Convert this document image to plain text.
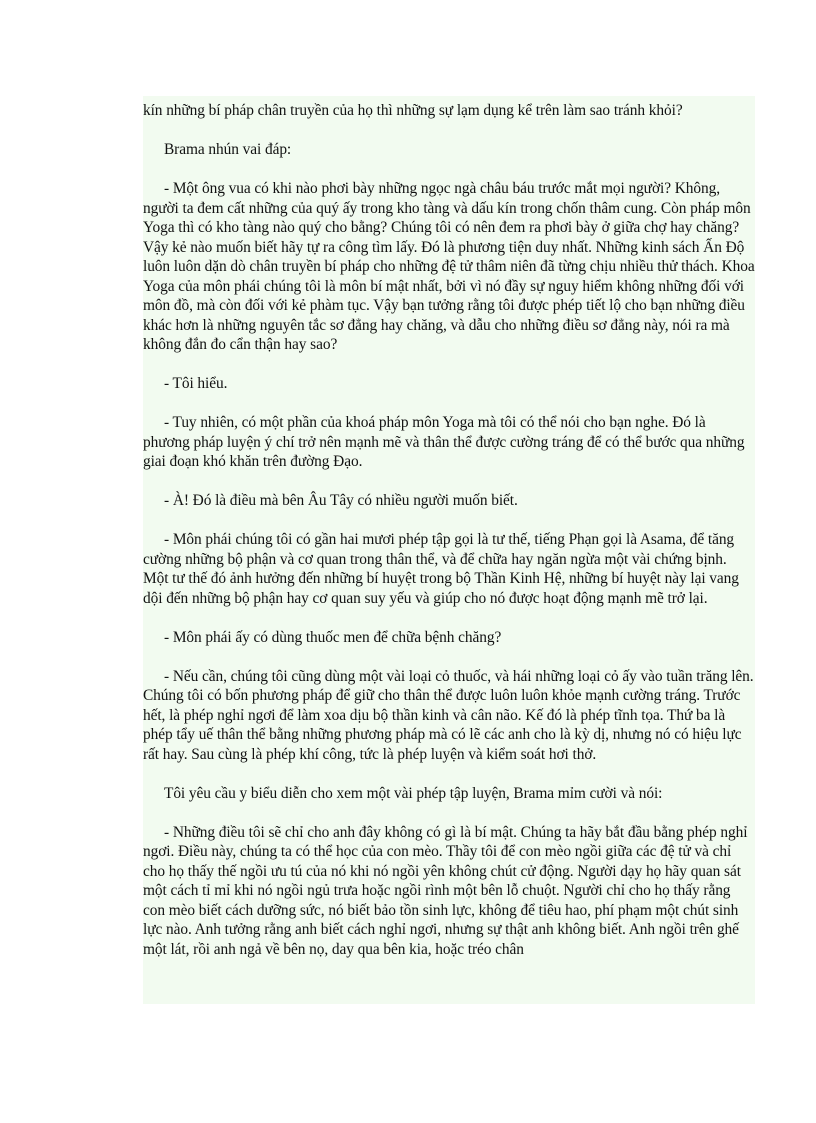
kín những bí pháp chân truyền của họ thì những sự lạm dụng kể trên làm sao tránh khỏi?

Brama nhún vai đáp:

- Một ông vua có khi nào phơi bày những ngọc ngà châu báu trước mắt mọi người? Không, người ta đem cất những của quý ấy trong kho tàng và dấu kín trong chốn thâm cung. Còn pháp môn Yoga thì có kho tàng nào quý cho bằng? Chúng tôi có nên đem ra phơi bày ở giữa chợ hay chăng? Vậy kẻ nào muốn biết hãy tự ra công tìm lấy. Đó là phương tiện duy nhất. Những kinh sách Ấn Độ luôn luôn dặn dò chân truyền bí pháp cho những đệ tử thâm niên đã từng chịu nhiều thử thách. Khoa Yoga của môn phái chúng tôi là môn bí mật nhất, bởi vì nó đầy sự nguy hiểm không những đối với môn đồ, mà còn đối với kẻ phàm tục. Vậy bạn tưởng rằng tôi được phép tiết lộ cho bạn những điều khác hơn là những nguyên tắc sơ đẳng hay chăng, và dẫu cho những điều sơ đẳng này, nói ra mà không đắn đo cẩn thận hay sao?

- Tôi hiểu.

- Tuy nhiên, có một phần của khoá pháp môn Yoga mà tôi có thể nói cho bạn nghe. Đó là phương pháp luyện ý chí trở nên mạnh mẽ và thân thể được cường tráng để có thể bước qua những giai đoạn khó khăn trên đường Đạo.

- À! Đó là điều mà bên Âu Tây có nhiều người muốn biết.

- Môn phái chúng tôi có gần hai mươi phép tập gọi là tư thế, tiếng Phạn gọi là Asama, để tăng cường những bộ phận và cơ quan trong thân thể, và để chữa hay ngăn ngừa một vài chứng bịnh. Một tư thế đó ảnh hưởng đến những bí huyệt trong bộ Thần Kinh Hệ, những bí huyệt này lại vang dội đến những bộ phận hay cơ quan suy yếu và giúp cho nó được hoạt động mạnh mẽ trở lại.

- Môn phái ấy có dùng thuốc men để chữa bệnh chăng?

- Nếu cần, chúng tôi cũng dùng một vài loại cỏ thuốc, và hái những loại cỏ ấy vào tuần trăng lên. Chúng tôi có bốn phương pháp để giữ cho thân thể được luôn luôn khỏe mạnh cường tráng. Trước hết, là phép nghỉ ngơi để làm xoa dịu bộ thần kinh và cân não. Kế đó là phép tĩnh tọa. Thứ ba là phép tẩy uế thân thể bằng những phương pháp mà có lẽ các anh cho là kỳ dị, nhưng nó có hiệu lực rất hay. Sau cùng là phép khí công, tức là phép luyện và kiểm soát hơi thở.

Tôi yêu cầu y biểu diễn cho xem một vài phép tập luyện, Brama mỉm cười và nói:

- Những điều tôi sẽ chỉ cho anh đây không có gì là bí mật. Chúng ta hãy bắt đầu bằng phép nghỉ ngơi. Điều này, chúng ta có thể học của con mèo. Thầy tôi để con mèo ngồi giữa các đệ tử và chỉ cho họ thấy thế ngồi ưu tú của nó khi nó ngồi yên không chút cử động. Người dạy họ hãy quan sát một cách tỉ mỉ khi nó ngồi ngủ trưa hoặc ngồi rình một bên lỗ chuột. Người chỉ cho họ thấy rằng con mèo biết cách dưỡng sức, nó biết bảo tồn sinh lực, không để tiêu hao, phí phạm một chút sinh lực nào. Anh tưởng rằng anh biết cách nghỉ ngơi, nhưng sự thật anh không biết. Anh ngồi trên ghế một lát, rồi anh ngả về bên nọ, day qua bên kia, hoặc tréo chân
